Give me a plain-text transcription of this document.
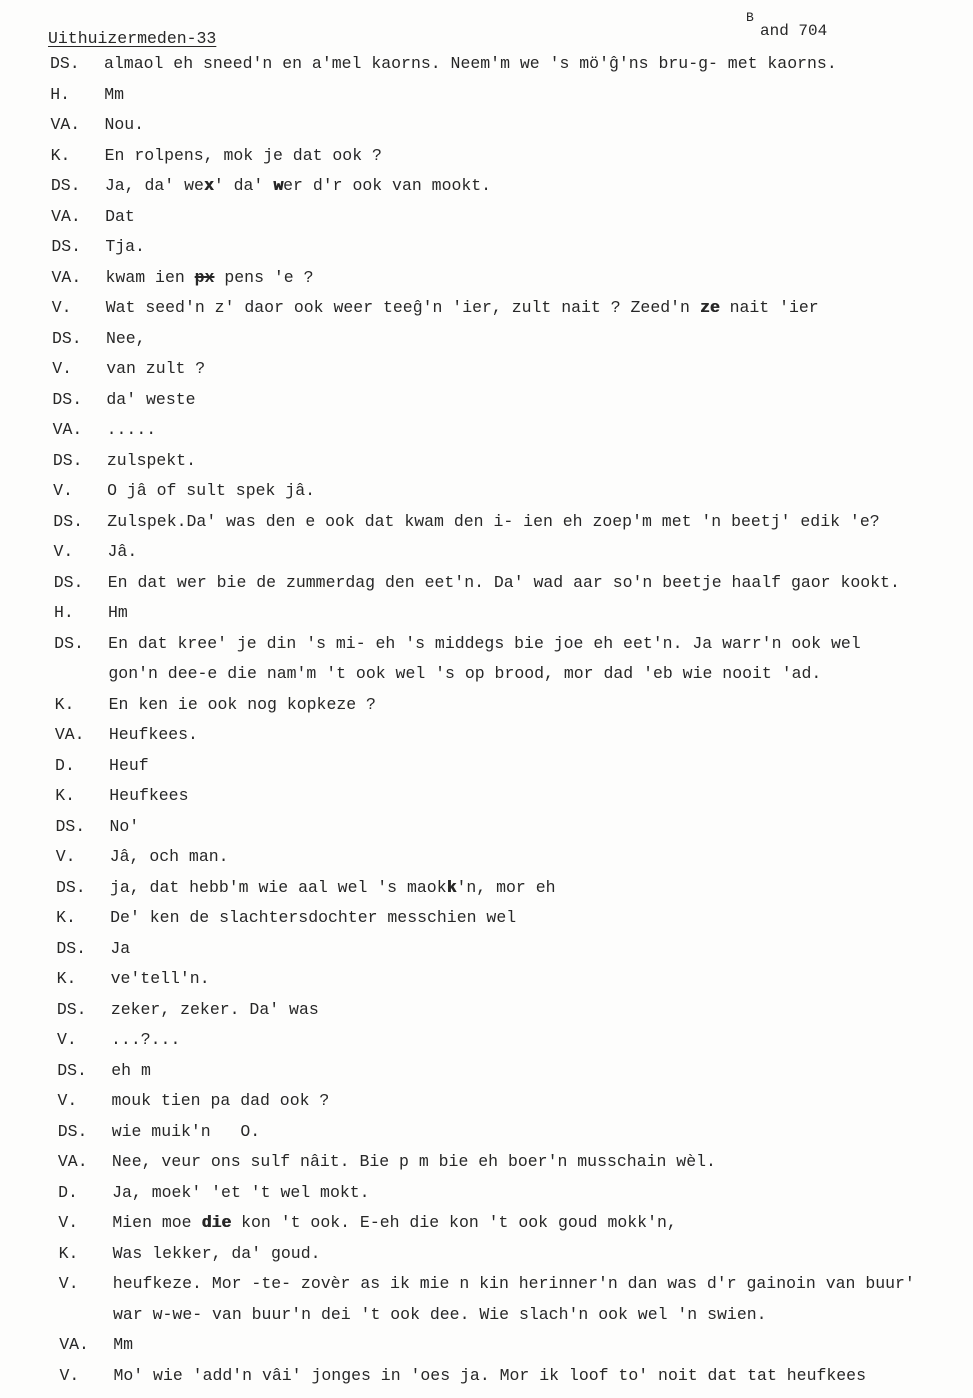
Uithuizermeden-33

B

and 704

DS. almaol eh sneed'n en a'mel kaorns. Neem'm we 's mö'ĝ'ns bru-g- met kaorns.
H. Mm
VA. Nou.
K. En rolpens, mok je dat ook ?
DS. Ja, da' wex' da' wer d'r ook van mookt.
VA. Dat
DS. Tja.
VA. kwam ien px pens 'e ?
V. Wat seed'n z' daor ook weer teeĝ'n 'ier, zult nait ? Zeed'n ze nait 'ier
DS. Nee,
V. van zult ?
DS. da' weste
VA. .....
DS. zulspekt.
V. O jâ of sult spek jâ.
DS. Zulspek.Da' was den e ook dat kwam den i- ien eh zoep'm met 'n beetj' edik 'e?
V. Jâ.
DS. En dat wer bie de zummerdag den eet'n. Da' wad aar so'n beetje haalf gaor kookt.
H. Hm
DS. En dat kree' je din 's mi- eh 's middegs bie joe eh eet'n. Ja warr'n ook wel
gon'n dee-e die nam'm 't ook wel 's op brood, mor dad 'eb wie nooit 'ad.
K. En ken ie ook nog kopkeze ?
VA. Heufkees.
D. Heuf
K. Heufkees
DS. No'
V. Jâ, och man.
DS. ja, dat hebb'm wie aal wel 's maokk'n, mor eh
K. De' ken de slachtersdochter messchien wel
DS. Ja
K. ve'tell'n.
DS. zeker, zeker. Da' was
V. ...?...
DS. eh m
V. mouk tien pa dad ook ?
DS. wie muik'n   O.
VA. Nee, veur ons sulf nâit. Bie p m bie eh boer'n musschain wèl.
D. Ja, moek' 'et 't wel mokt.
V. Mien moe die kon 't ook. E-eh die kon 't ook goud mokk'n,
K. Was lekker, da' goud.
V. heufkeze. Mor -te- zovèr as ik mie n kin herinner'n dan was d'r gainoin van buur'
war w-we- van buur'n dei 't ook dee. Wie slach'n ook wel 'n swien.
VA. Mm
V. Mo' wie 'add'n vâi' jonges in 'oes ja. Mor ik loof to' noit dat tat heufkees
